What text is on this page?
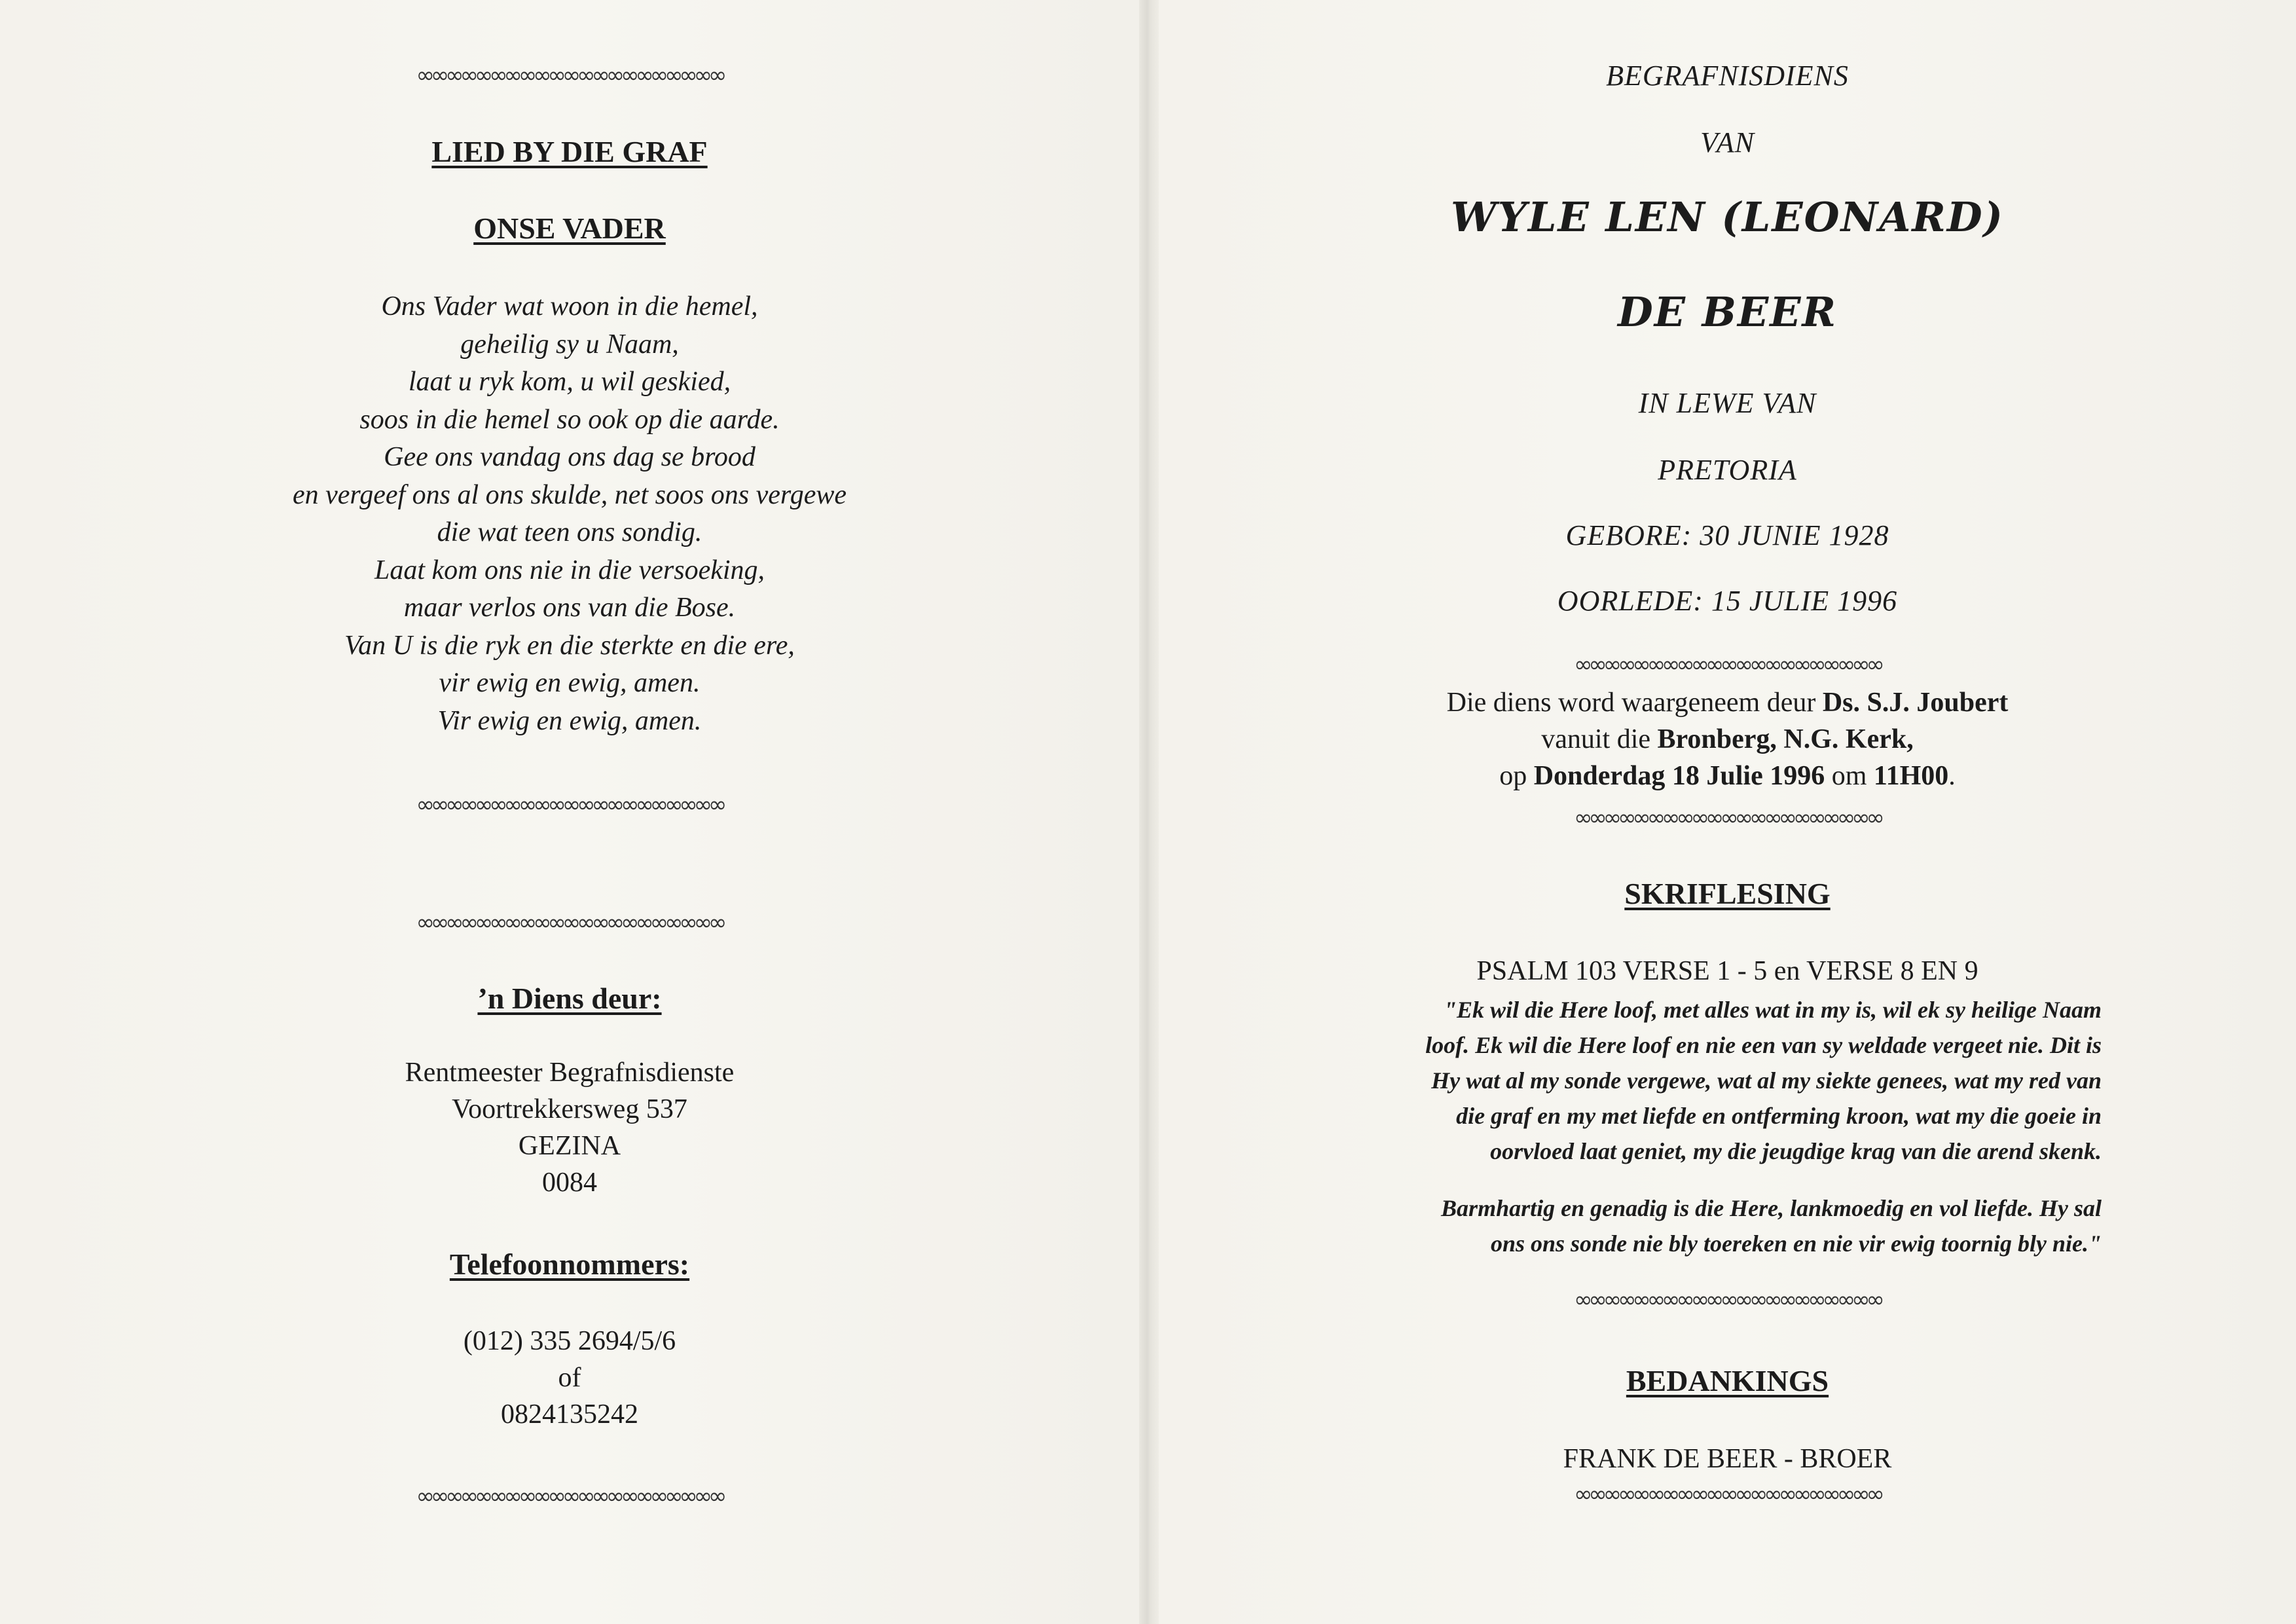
∞∞∞∞∞∞∞∞∞∞∞∞∞∞∞∞∞∞∞∞∞
LIED BY DIE GRAF
ONSE VADER
Ons Vader wat woon in die hemel,
geheilig sy u Naam,
laat u ryk kom, u wil geskied,
soos in die hemel so ook op die aarde.
Gee ons vandag ons dag se brood
en vergeef ons al ons skulde, net soos ons vergewe
die wat teen ons sondig.
Laat kom ons nie in die versoeking,
maar verlos ons van die Bose.
Van U is die ryk en die sterkte en die ere,
vir ewig en ewig, amen.
Vir ewig en ewig, amen.
∞∞∞∞∞∞∞∞∞∞∞∞∞∞∞∞∞∞∞∞∞
∞∞∞∞∞∞∞∞∞∞∞∞∞∞∞∞∞∞∞∞∞
’n Diens deur:
Rentmeester Begrafnisdienste
Voortrekkersweg 537
GEZINA
0084
Telefoonnommers:
(012) 335 2694/5/6
of
0824135242
∞∞∞∞∞∞∞∞∞∞∞∞∞∞∞∞∞∞∞∞∞
BEGRAFNISDIENS
VAN
WYLE LEN (LEONARD)
DE BEER
IN LEWE VAN
PRETORIA
GEBORE: 30 JUNIE 1928
OORLEDE: 15 JULIE 1996
∞∞∞∞∞∞∞∞∞∞∞∞∞∞∞∞∞∞∞∞∞
Die diens word waargeneem deur Ds. S.J. Joubert
vanuit die Bronberg, N.G. Kerk,
op Donderdag 18 Julie 1996 om 11H00.
∞∞∞∞∞∞∞∞∞∞∞∞∞∞∞∞∞∞∞∞∞
SKRIFLESING
PSALM 103 VERSE 1 - 5 en VERSE 8 EN 9
"Ek wil die Here loof, met alles wat in my is, wil ek sy heilige Naam
loof. Ek wil die Here loof en nie een van sy weldade vergeet nie. Dit is
Hy wat al my sonde vergewe, wat al my siekte genees, wat my red van
die graf en my met liefde en ontferming kroon, wat my die goeie in
oorvloed laat geniet, my die jeugdige krag van die arend skenk.
Barmhartig en genadig is die Here, lankmoedig en vol liefde. Hy sal
ons ons sonde nie bly toereken en nie vir ewig toornig bly nie."
∞∞∞∞∞∞∞∞∞∞∞∞∞∞∞∞∞∞∞∞∞
BEDANKINGS
FRANK DE BEER - BROER
∞∞∞∞∞∞∞∞∞∞∞∞∞∞∞∞∞∞∞∞∞
